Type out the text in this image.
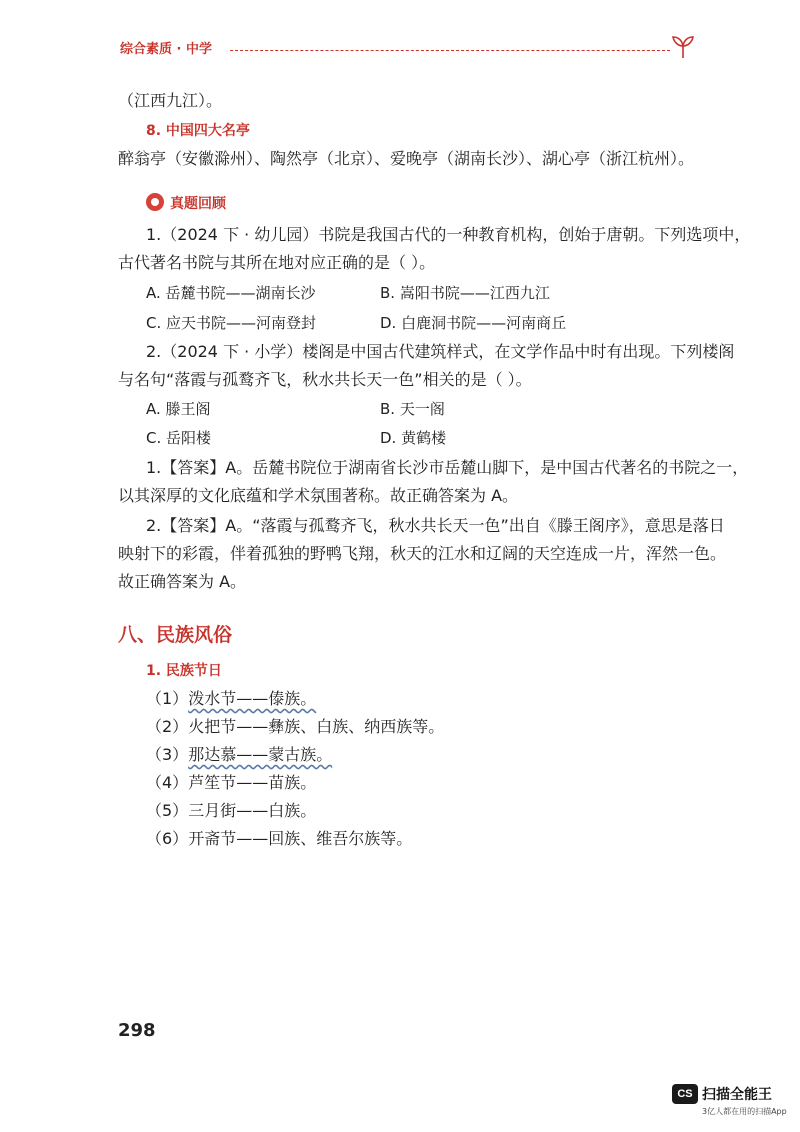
综合素质 · 中学
（江西九江）。
8. 中国四大名亭
醉翁亭（安徽滁州）、陶然亭（北京）、爱晚亭（湖南长沙）、湖心亭（浙江杭州）。
真题回顾
1.（2024 下 · 幼儿园）书院是我国古代的一种教育机构，创始于唐朝。下列选项中，
古代著名书院与其所在地对应正确的是（ ）。
A. 岳麓书院——湖南长沙	B. 嵩阳书院——江西九江
C. 应天书院——河南登封	D. 白鹿洞书院——河南商丘
2.（2024 下 · 小学）楼阁是中国古代建筑样式，在文学作品中时有出现。下列楼阁
与名句“落霞与孤鹜齐飞，秋水共长天一色”相关的是（ ）。
A. 滕王阁	B. 天一阁
C. 岳阳楼	D. 黄鹤楼
1.【答案】A。岳麓书院位于湖南省长沙市岳麓山脚下，是中国古代著名的书院之一，
以其深厚的文化底蕴和学术氛围著称。故正确答案为 A。
2.【答案】A。“落霞与孤鹜齐飞，秋水共长天一色”出自《滕王阁序》，意思是落日
映射下的彩霞，伴着孤独的野鸭飞翔，秋天的江水和辽阔的天空连成一片，浑然一色。
故正确答案为 A。
八、民族风俗
1. 民族节日
（1）泼水节——傣族。
（2）火把节——彝族、白族、纳西族等。
（3）那达慕——蒙古族。
（4）芦笙节——苗族。
（5）三月街——白族。
（6）开斋节——回族、维吾尔族等。
298
CS 扫描全能王
3亿人都在用的扫描App
